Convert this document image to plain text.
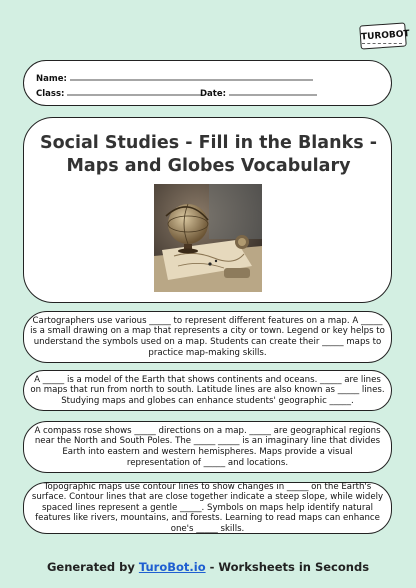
TUROBOT
Name:
Class:	Date:
Social Studies - Fill in the Blanks -
Maps and Globes Vocabulary

Cartographers use various _____ to represent different features on a map. A _____ is a small drawing on a map that represents a city or town. Legend or key helps to understand the symbols used on a map. Students can create their _____ maps to practice map-making skills.

A _____ is a model of the Earth that shows continents and oceans. _____ are lines on maps that run from north to south. Latitude lines are also known as _____ lines. Studying maps and globes can enhance students' geographic _____.

A compass rose shows _____ directions on a map. _____ are geographical regions near the North and South Poles. The _____ _____ is an imaginary line that divides Earth into eastern and western hemispheres. Maps provide a visual representation of _____ and locations.

Topographic maps use contour lines to show changes in _____ on the Earth's surface. Contour lines that are close together indicate a steep slope, while widely spaced lines represent a gentle _____. Symbols on maps help identify natural features like rivers, mountains, and forests. Learning to read maps can enhance one's _____ skills.

Generated by TuroBot.io - Worksheets in Seconds
